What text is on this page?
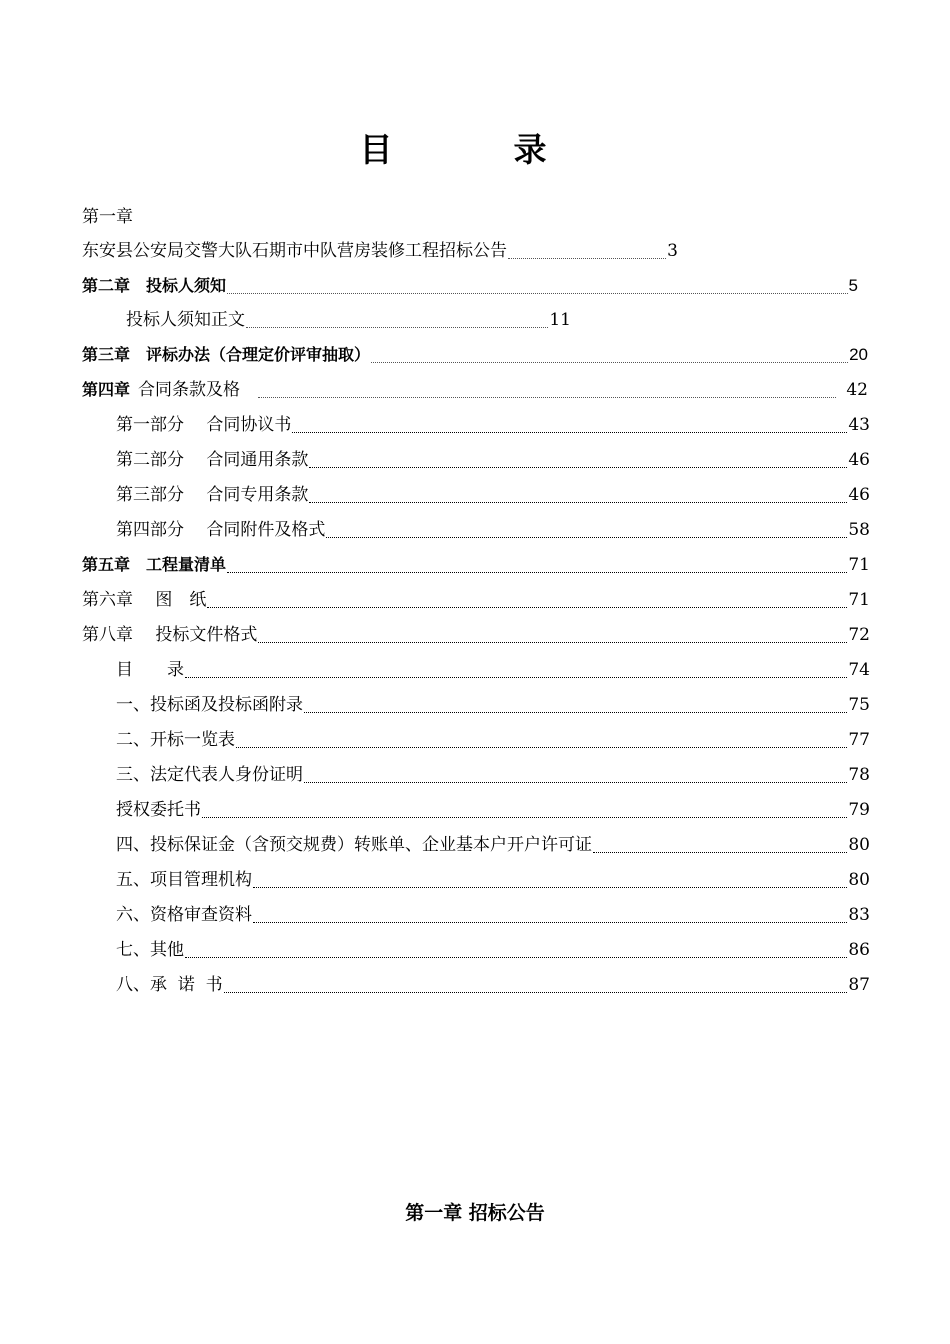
目　录
第一章
东安县公安局交警大队石期市中队营房装修工程招标公告	3
第二章　投标人须知	5
投标人须知正文	11
第三章　评标办法（合理定价评审抽取）	20
第四章 合同条款及格	42
第一部分　 合同协议书	43
第二部分　 合同通用条款	46
第三部分　 合同专用条款	46
第四部分　 合同附件及格式	58
第五章　工程量清单	71
第六章　 图　纸	71
第八章　 投标文件格式	72
目　　录	74
一、投标函及投标函附录	75
二、开标一览表	77
三、法定代表人身份证明	78
授权委托书	79
四、投标保证金（含预交规费）转账单、企业基本户开户许可证	80
五、项目管理机构	80
六、资格审查资料	83
七、其他	86
八、承  诺  书	87
第一章 招标公告
